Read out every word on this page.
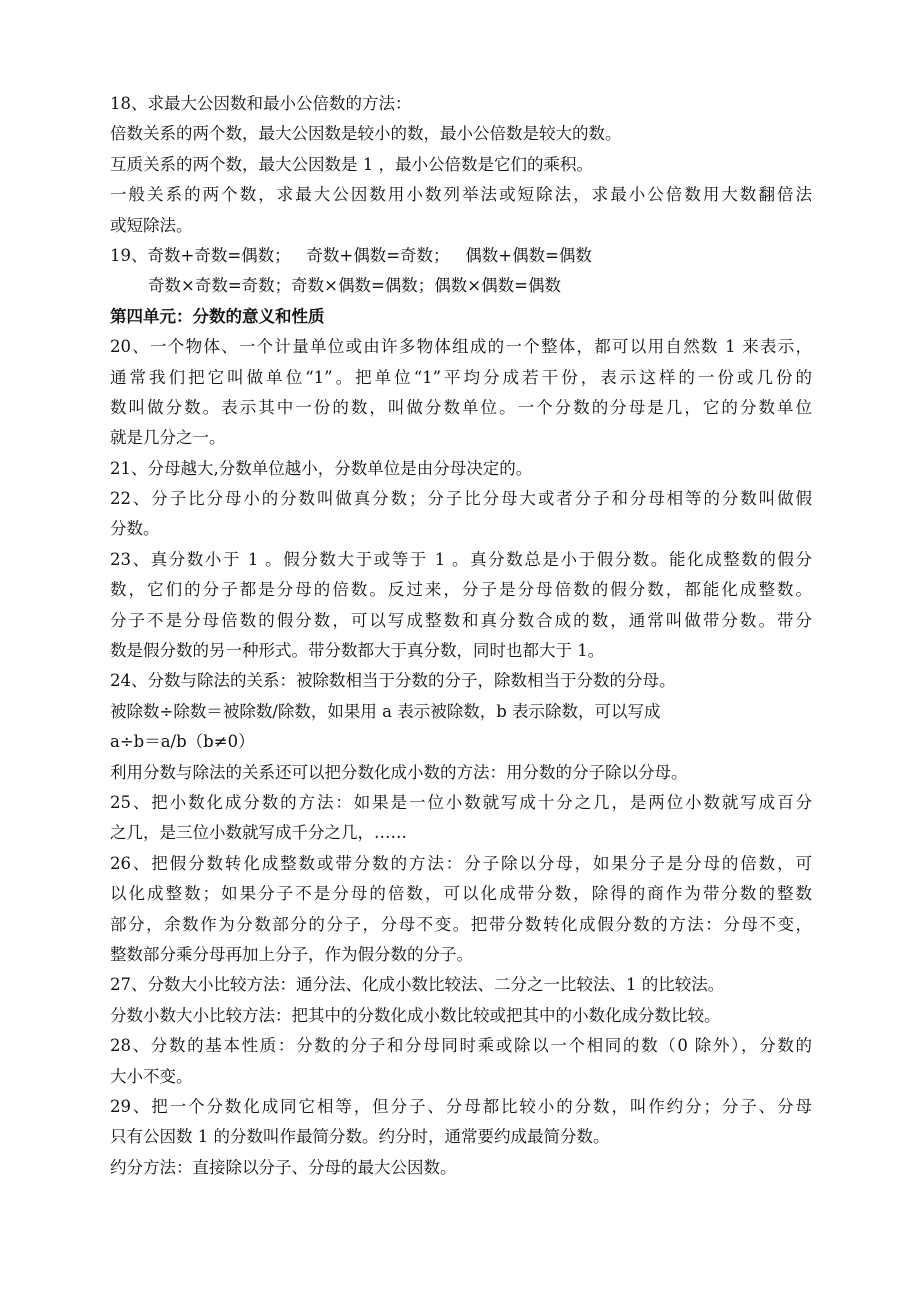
18、求最大公因数和最小公倍数的方法：
倍数关系的两个数，最大公因数是较小的数，最小公倍数是较大的数。
互质关系的两个数，最大公因数是 1 ，最小公倍数是它们的乘积。
一般关系的两个数，求最大公因数用小数列举法或短除法，求最小公倍数用大数翻倍法
或短除法。
19、奇数+奇数=偶数；   奇数+偶数=奇数；   偶数+偶数=偶数
奇数×奇数=奇数；奇数×偶数=偶数；偶数×偶数=偶数
第四单元：分数的意义和性质
20、一个物体、一个计量单位或由许多物体组成的一个整体，都可以用自然数 1 来表示，
通常我们把它叫做单位“1”。把单位“1”平均分成若干份，表示这样的一份或几份的
数叫做分数。表示其中一份的数，叫做分数单位。一个分数的分母是几，它的分数单位
就是几分之一。
21、分母越大,分数单位越小，分数单位是由分母决定的。
22、分子比分母小的分数叫做真分数；分子比分母大或者分子和分母相等的分数叫做假
分数。
23、真分数小于 1 。假分数大于或等于 1 。真分数总是小于假分数。能化成整数的假分
数，它们的分子都是分母的倍数。反过来，分子是分母倍数的假分数，都能化成整数。
分子不是分母倍数的假分数，可以写成整数和真分数合成的数，通常叫做带分数。带分
数是假分数的另一种形式。带分数都大于真分数，同时也都大于 1。
24、分数与除法的关系：被除数相当于分数的分子，除数相当于分数的分母。
被除数÷除数＝被除数/除数，如果用 a 表示被除数，b 表示除数，可以写成
a÷b＝a/b（b≠0）
利用分数与除法的关系还可以把分数化成小数的方法：用分数的分子除以分母。
25、把小数化成分数的方法：如果是一位小数就写成十分之几，是两位小数就写成百分
之几，是三位小数就写成千分之几，……
26、把假分数转化成整数或带分数的方法：分子除以分母，如果分子是分母的倍数，可
以化成整数；如果分子不是分母的倍数，可以化成带分数，除得的商作为带分数的整数
部分，余数作为分数部分的分子，分母不变。把带分数转化成假分数的方法：分母不变，
整数部分乘分母再加上分子，作为假分数的分子。
27、分数大小比较方法：通分法、化成小数比较法、二分之一比较法、1 的比较法。
分数小数大小比较方法：把其中的分数化成小数比较或把其中的小数化成分数比较。
28、分数的基本性质：分数的分子和分母同时乘或除以一个相同的数（0 除外），分数的
大小不变。
29、把一个分数化成同它相等，但分子、分母都比较小的分数，叫作约分；分子、分母
只有公因数 1 的分数叫作最简分数。约分时，通常要约成最简分数。
约分方法：直接除以分子、分母的最大公因数。
